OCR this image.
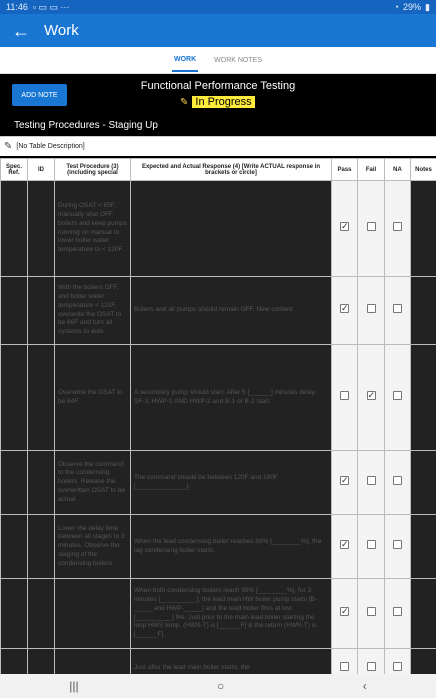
11:46 ▫ ▭ ▭ ···	◔ 29% ▮
← Work
WORK	WORK NOTES
Functional Performance Testing
ADD NOTE
✎ In Progress
Testing Procedures - Staging Up
✎ [No Table Description]
Spec. Ref.	ID	Test Procedure (3) (including special	Expected and Actual Response (4) [Write ACTUAL response in brackets or circle]	Pass	Fail	NA	Notes
		During OSAT < 65F, manually shut OFF boilers and keep pumps running on manual to lower boiler water temperature to < 120F.		✓			
		With the boilers OFF, and boiler water temperature < 120F, overwrite the OSAT to be 66F and turn all systems to auto.	Boilers and all pumps should remain OFF. New content	✓			
		Overwrite the OSAT to be 64F.	A secondary pump should start. After 5 [______] minutes delay, SF-3, HWP-1 AND HWP-2 and B-1 or B-2 start.		✓		
		Observe the command to the condensing boilers. Release the overwritten OSAT to be actual.	The command should be between 120F and 180F [______________].	✓			
		Lower the delay time between all stages to 3 minutes. Observe the staging of the condensing boilers.	When the lead condensing boiler reaches 68% [________%], the lag condensing boiler starts.	✓			
			When both condensing boilers reach 95% [________%], for 3 minutes [__________], the lead main HW boiler pump starts [B-_____ and HWP-_____] and the lead boiler fires at low [__________] fire. Just prior to the main lead boiler starting the loop HWS temp. (HWS-T) is [______F] & the return (HWR-T) is [______F].	✓			
			Just after the lead main boiler starts, the				
|||	○	‹
